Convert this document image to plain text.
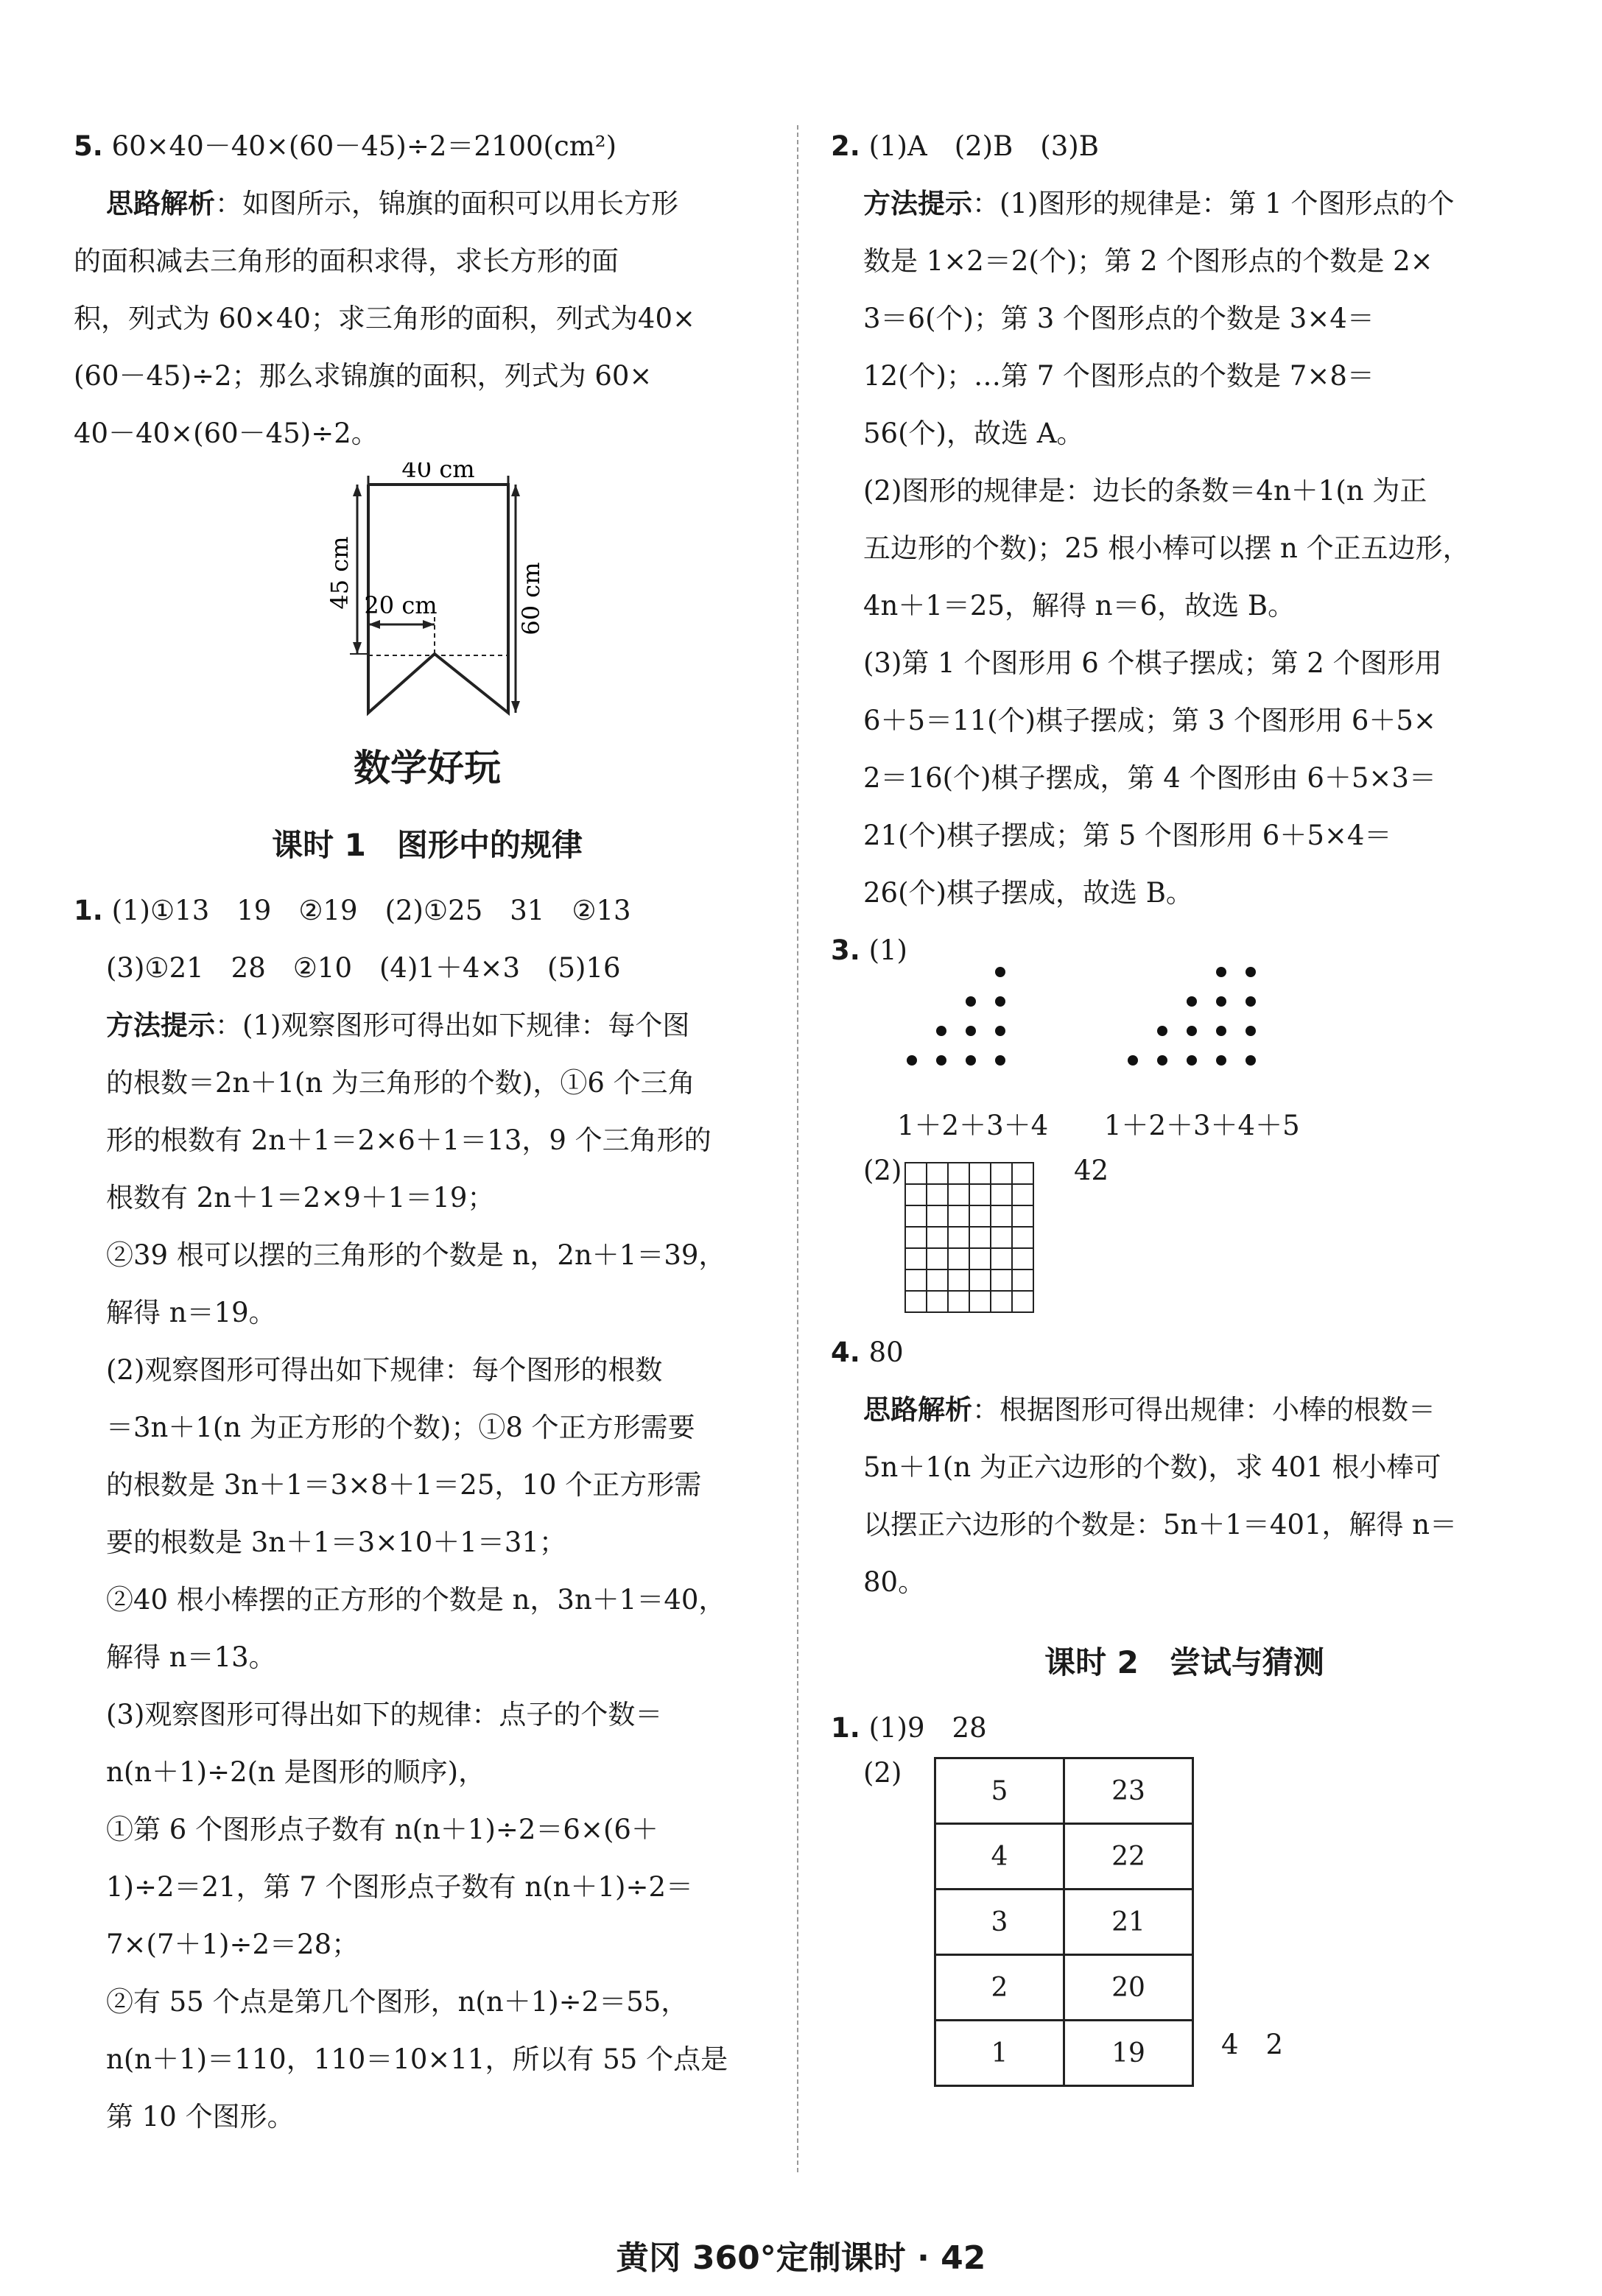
5. 60×40－40×(60－45)÷2＝2100(cm²)
思路解析：如图所示，锦旗的面积可以用长方形
的面积减去三角形的面积求得，求长方形的面
积，列式为 60×40；求三角形的面积，列式为40×
(60－45)÷2；那么求锦旗的面积，列式为 60×
40－40×(60－45)÷2。
40 cm
20 cm
45 cm	60 cm
数学好玩
课时 1　图形中的规律
1. (1)①13　19　②19　(2)①25　31　②13
(3)①21　28　②10　(4)1＋4×3　(5)16
方法提示：(1)观察图形可得出如下规律：每个图
的根数＝2n＋1(n 为三角形的个数)，①6 个三角
形的根数有 2n＋1＝2×6＋1＝13，9 个三角形的
根数有 2n＋1＝2×9＋1＝19；
②39 根可以摆的三角形的个数是 n，2n＋1＝39，
解得 n＝19。
(2)观察图形可得出如下规律：每个图形的根数
＝3n＋1(n 为正方形的个数)；①8 个正方形需要
的根数是 3n＋1＝3×8＋1＝25，10 个正方形需
要的根数是 3n＋1＝3×10＋1＝31；
②40 根小棒摆的正方形的个数是 n，3n＋1＝40，
解得 n＝13。
(3)观察图形可得出如下的规律：点子的个数＝
n(n＋1)÷2(n 是图形的顺序)，
①第 6 个图形点子数有 n(n＋1)÷2＝6×(6＋
1)÷2＝21，第 7 个图形点子数有 n(n＋1)÷2＝
7×(7＋1)÷2＝28；
②有 55 个点是第几个图形，n(n＋1)÷2＝55，
n(n＋1)＝110，110＝10×11，所以有 55 个点是
第 10 个图形。
2. (1)A　(2)B　(3)B
方法提示：(1)图形的规律是：第 1 个图形点的个
数是 1×2＝2(个)；第 2 个图形点的个数是 2×
3＝6(个)；第 3 个图形点的个数是 3×4＝
12(个)；…第 7 个图形点的个数是 7×8＝
56(个)，故选 A。
(2)图形的规律是：边长的条数＝4n＋1(n 为正
五边形的个数)；25 根小棒可以摆 n 个正五边形，
4n＋1＝25，解得 n＝6，故选 B。
(3)第 1 个图形用 6 个棋子摆成；第 2 个图形用
6＋5＝11(个)棋子摆成；第 3 个图形用 6＋5×
2＝16(个)棋子摆成，第 4 个图形由 6＋5×3＝
21(个)棋子摆成；第 5 个图形用 6＋5×4＝
26(个)棋子摆成，故选 B。
3. (1)
1＋2＋3＋4 1＋2＋3＋4＋5
(2)	42
4. 80
思路解析：根据图形可得出规律：小棒的根数＝
5n＋1(n 为正六边形的个数)，求 401 根小棒可
以摆正六边形的个数是：5n＋1＝401，解得 n＝
80。
课时 2　尝试与猜测
1. (1)9　28
(2)
5	23
4	22
3	21
2	20
1	19	4　2
黄冈 360°定制课时 · 42
